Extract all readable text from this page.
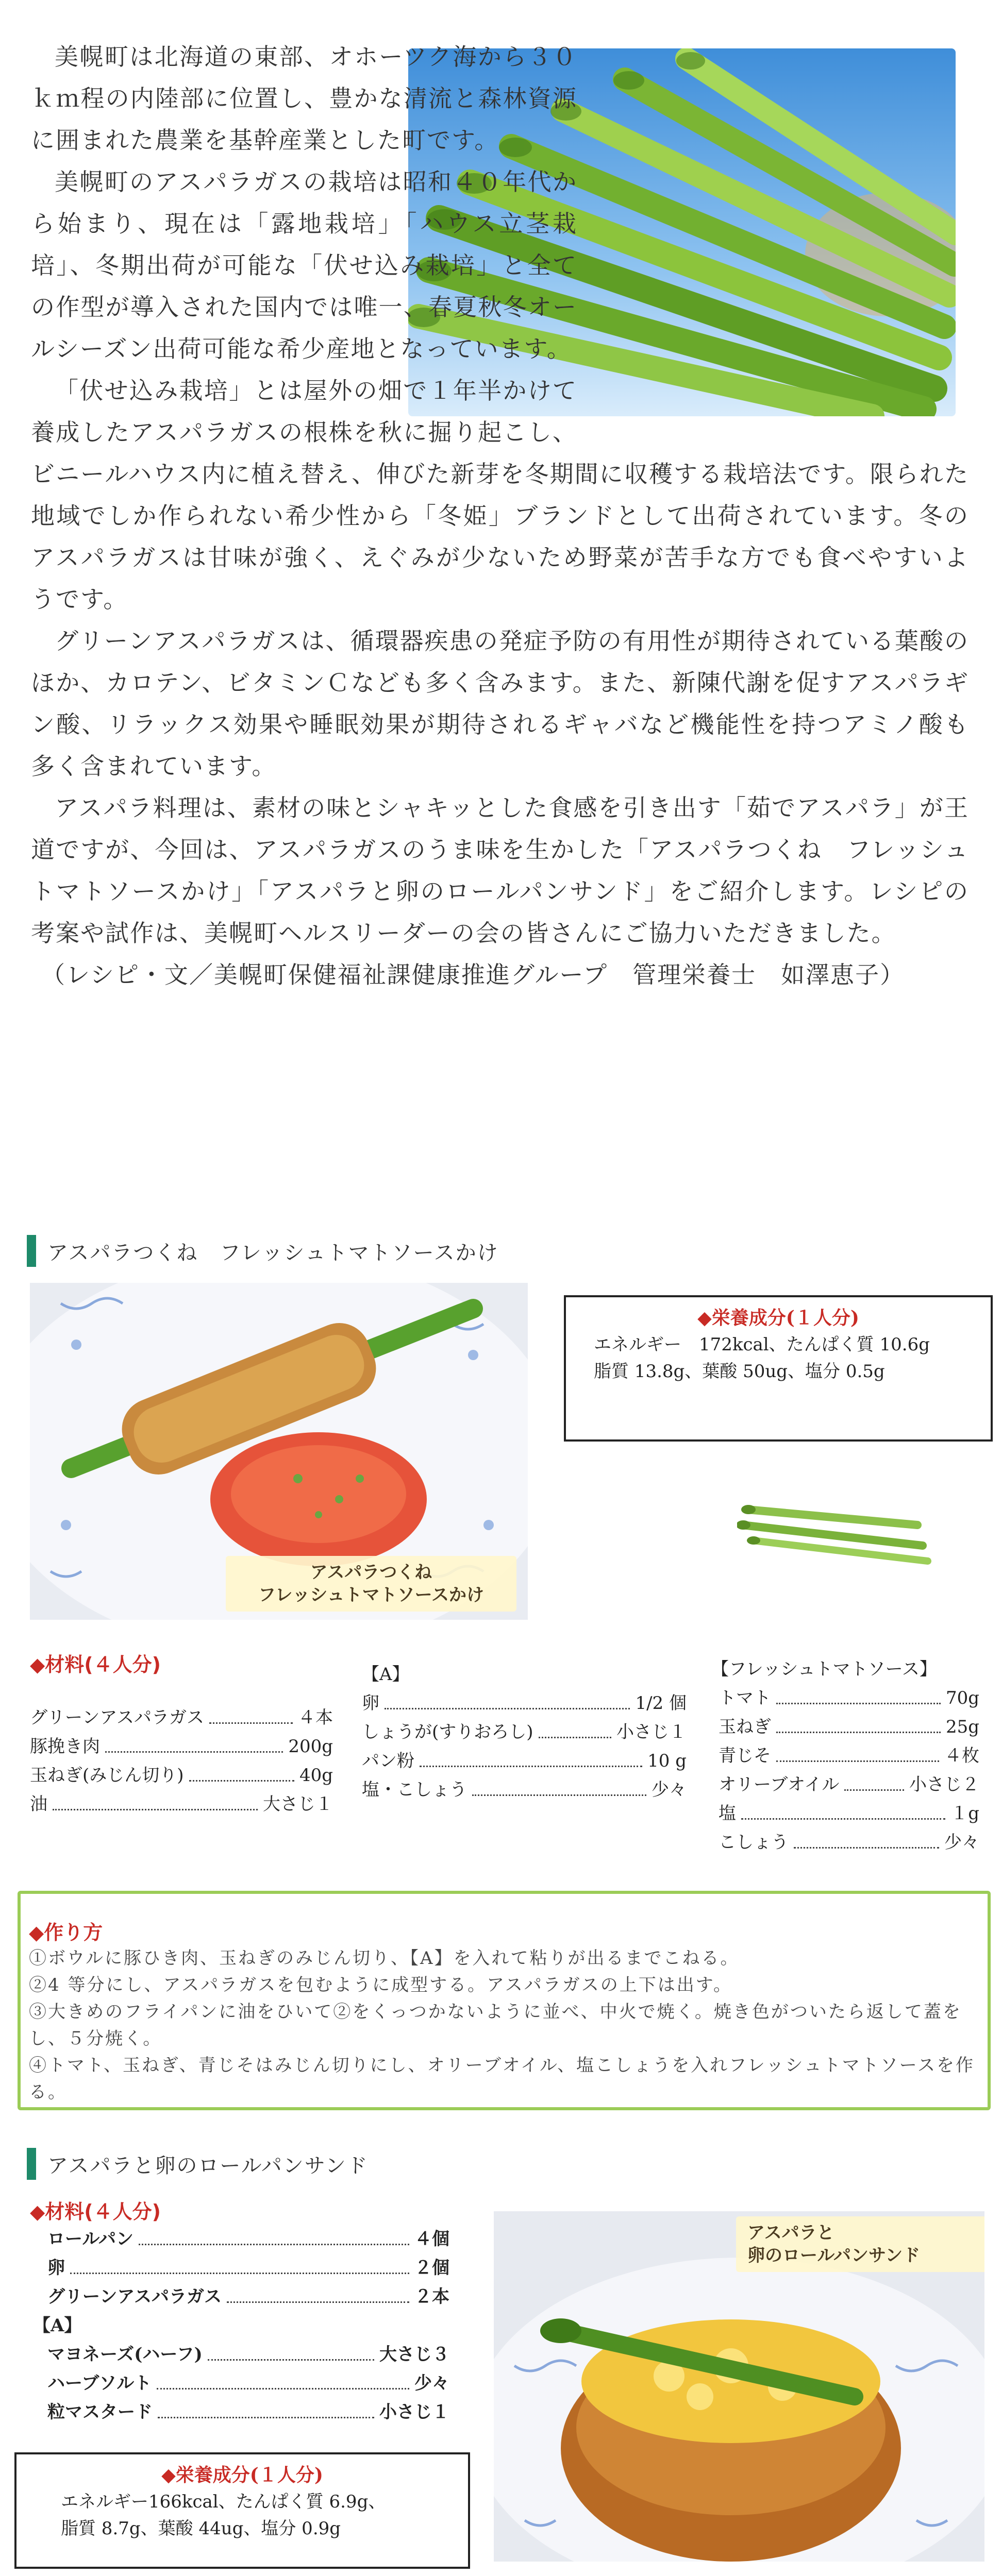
美幌町は北海道の東部、オホーツク海から３０ｋｍ程の内陸部に位置し、豊かな清流と森林資源に囲まれた農業を基幹産業とした町です。

美幌町のアスパラガスの栽培は昭和４０年代から始まり、現在は「露地栽培」「ハウス立茎栽培」、冬期出荷が可能な「伏せ込み栽培」と全ての作型が導入された国内では唯一、春夏秋冬オールシーズン出荷可能な希少産地となっています。

「伏せ込み栽培」とは屋外の畑で１年半かけて養成したアスパラガスの根株を秋に掘り起こし、ビニールハウス内に植え替え、伸びた新芽を冬期間に収穫する栽培法です。限られた地域でしか作られない希少性から「冬姫」ブランドとして出荷されています。冬のアスパラガスは甘味が強く、えぐみが少ないため野菜が苦手な方でも食べやすいようです。

グリーンアスパラガスは、循環器疾患の発症予防の有用性が期待されている葉酸のほか、カロテン、ビタミンＣなども多く含みます。また、新陳代謝を促すアスパラギン酸、リラックス効果や睡眠効果が期待されるギャバなど機能性を持つアミノ酸も多く含まれています。

アスパラ料理は、素材の味とシャキッとした食感を引き出す「茹でアスパラ」が王道ですが、今回は、アスパラガスのうま味を生かした「アスパラつくね　フレッシュトマトソースかけ」「アスパラと卵のロールパンサンド」をご紹介します。レシピの考案や試作は、美幌町ヘルスリーダーの会の皆さんにご協力いただきました。

（レシピ・文／美幌町保健福祉課健康推進グループ　管理栄養士　如澤恵子）

アスパラつくね　フレッシュトマトソースかけ
アスパラつくね
フレッシュトマトソースかけ
◆栄養成分(１人分)
エネルギー　172kcal、たんぱく質 10.6g
脂質 13.8g、葉酸 50ug、塩分 0.5g
◆材料(４人分)
グリーンアスパラガス	４本
豚挽き肉	200g
玉ねぎ(みじん切り)	40g
油	大さじ１
【A】
卵	1/2 個
しょうが(すりおろし)	小さじ１
パン粉	10 g
塩・こしょう	少々
【フレッシュトマトソース】
トマト	70g
玉ねぎ	25g
青じそ	４枚
オリーブオイル	小さじ２
塩	１g
こしょう	少々
◆作り方
①ボウルに豚ひき肉、玉ねぎのみじん切り、【A】を入れて粘りが出るまでこねる。
②4 等分にし、アスパラガスを包むように成型する。アスパラガスの上下は出す。
③大きめのフライパンに油をひいて②をくっつかないように並べ、中火で焼く。焼き色がついたら返して蓋をし、５分焼く。
④トマト、玉ねぎ、青じそはみじん切りにし、オリーブオイル、塩こしょうを入れフレッシュトマトソースを作る。
アスパラと卵のロールパンサンド
◆材料(４人分)
ロールパン	４個
卵	２個
グリーンアスパラガス	２本
【A】
マヨネーズ(ハーフ)	大さじ３
ハーブソルト	少々
粒マスタード	小さじ１
◆栄養成分(１人分)
エネルギー166kcal、たんぱく質 6.9g、
脂質 8.7g、葉酸 44ug、塩分 0.9g
アスパラと
卵のロールパンサンド
